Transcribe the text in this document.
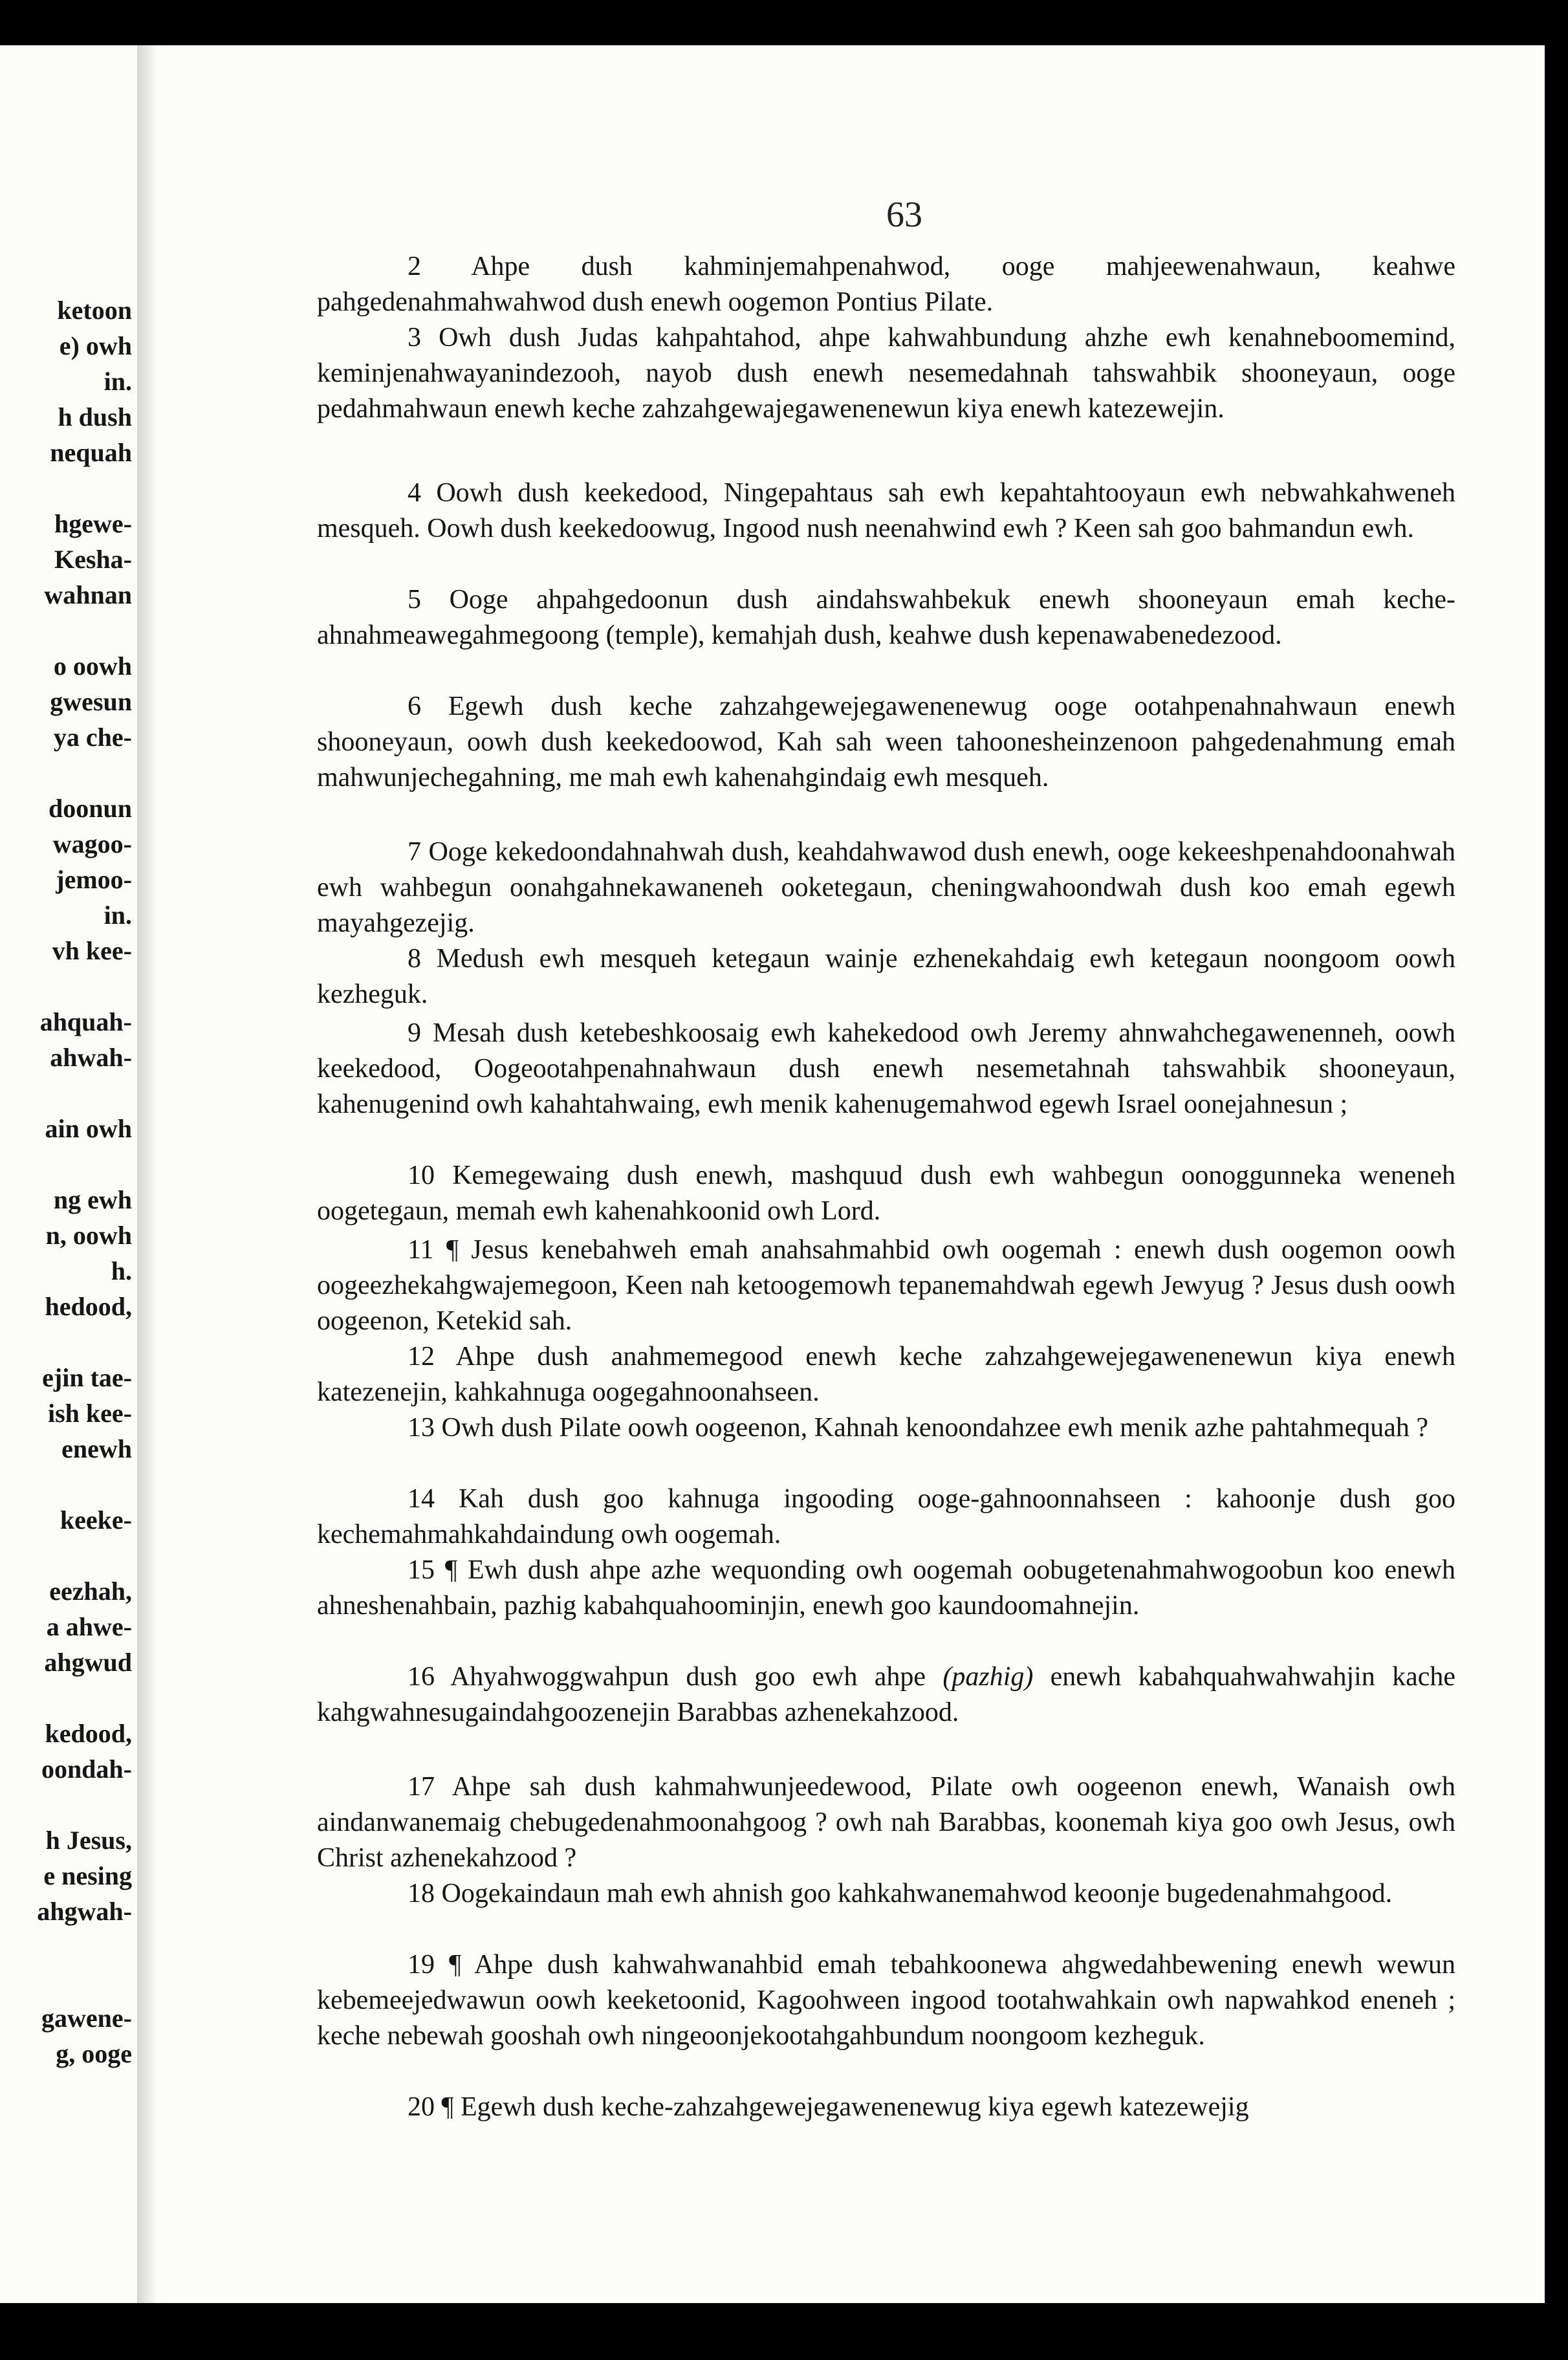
ketoon
e) owh
in.
h dush
nequah
hgewe-
Kesha-
wahnan
o oowh
gwesun
ya che-
doonun
wagoo-
jemoo-
in.
vh kee-
ahquah-
ahwah-
ain owh
ng ewh
n, oowh
h.
hedood,
ejin tae-
ish kee-
enewh
keeke-
eezhah,
a ahwe-
ahgwud
kedood,
oondah-
h Jesus,
e nesing
ahgwah-
gawene-
g, ooge
63
2 Ahpe dush kahminjemahpenahwod, ooge mahjeewenahwaun, keahwe pahgedenahmahwahwod dush enewh oogemon Pontius Pilate.
3 Owh dush Judas kahpahtahod, ahpe kahwahbundung ahzhe ewh kenahneboomemind, keminjenahwayanindezooh, nayob dush enewh nesemedahnah tahswahbik shooneyaun, ooge pedahmahwaun enewh keche zahzahgewajegawenenewun kiya enewh katezewejin.
4 Oowh dush keekedood, Ningepahtaus sah ewh kepahtahtooyaun ewh nebwahkahweneh mesqueh. Oowh dush keekedoowug, Ingood nush neenahwind ewh ? Keen sah goo bahmandun ewh.
5 Ooge ahpahgedoonun dush aindahswahbekuk enewh shooneyaun emah keche-ahnahmeawegahmegoong (temple), kemahjah dush, keahwe dush kepenawabenedezood.
6 Egewh dush keche zahzahgewejegawenenewug ooge ootahpenahnahwaun enewh shooneyaun, oowh dush keekedoowod, Kah sah ween tahoonesheinzenoon pahgedenahmung emah mahwunjechegahning, me mah ewh kahenahgindaig ewh mesqueh.
7 Ooge kekedoondahnahwah dush, keahdahwawod dush enewh, ooge kekeeshpenahdoonahwah ewh wahbegun oonahgahnekawaneneh ooketegaun, cheningwahoondwah dush koo emah egewh mayahgezejig.
8 Medush ewh mesqueh ketegaun wainje ezhenekahdaig ewh ketegaun noongoom oowh kezheguk.
9 Mesah dush ketebeshkoosaig ewh kahekedood owh Jeremy ahnwahchegawenenneh, oowh keekedood, Oogeootahpenahnahwaun dush enewh nesemetahnah tahswahbik shooneyaun, kahenugenind owh kahahtahwaing, ewh menik kahenugemahwod egewh Israel oonejahnesun ;
10 Kemegewaing dush enewh, mashquud dush ewh wahbegun oonoggunneka weneneh oogetegaun, memah ewh kahenahkoonid owh Lord.
11 ¶ Jesus kenebahweh emah anahsahmahbid owh oogemah : enewh dush oogemon oowh oogeezhekahgwajemegoon, Keen nah ketoogemowh tepanemahdwah egewh Jewyug ? Jesus dush oowh oogeenon, Ketekid sah.
12 Ahpe dush anahmemegood enewh keche zahzahgewejegawenenewun kiya enewh katezenejin, kahkahnuga oogegahnoonahseen.
13 Owh dush Pilate oowh oogeenon, Kahnah kenoondahzee ewh menik azhe pahtahmequah ?
14 Kah dush goo kahnuga ingooding ooge-gahnoonnahseen : kahoonje dush goo kechemahmahkahdaindung owh oogemah.
15 ¶ Ewh dush ahpe azhe wequonding owh oogemah oobugetenahmahwogoobun koo enewh ahneshenahbain, pazhig kabahquahoominjin, enewh goo kaundoomahnejin.
16 Ahyahwoggwahpun dush goo ewh ahpe (pazhig) enewh kabahquahwahwahjin kache kahgwahnesugaindahgoozenejin Barabbas azhenekahzood.
17 Ahpe sah dush kahmahwunjeedewood, Pilate owh oogeenon enewh, Wanaish owh aindanwanemaig chebugedenahmoonahgoog ? owh nah Barabbas, koonemah kiya goo owh Jesus, owh Christ azhenekahzood ?
18 Oogekaindaun mah ewh ahnish goo kahkahwanemahwod keoonje bugedenahmahgood.
19 ¶ Ahpe dush kahwahwanahbid emah tebahkoonewa ahgwedahbewening enewh wewun kebemeejedwawun oowh keeketoonid, Kagoohween ingood tootahwahkain owh napwahkod eneneh ; keche nebewah gooshah owh ningeoonjekootahgahbundum noongoom kezheguk.
20 ¶ Egewh dush keche-zahzahgewejegawenenewug kiya egewh katezewejig
